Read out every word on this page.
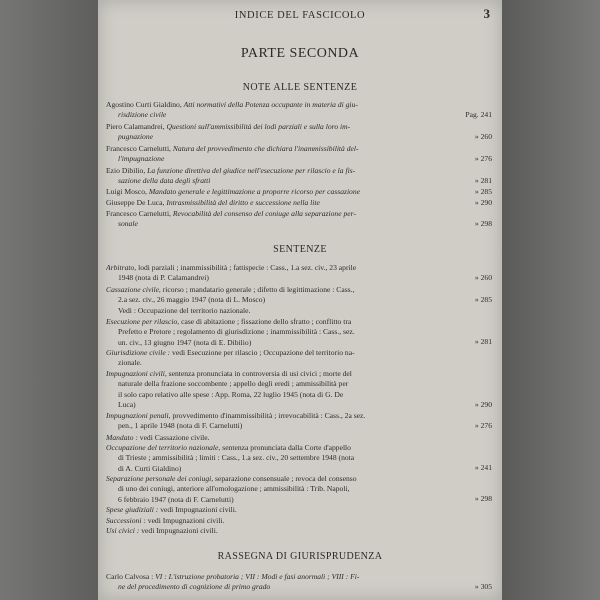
INDICE DEL FASCICOLO	3
PARTE SECONDA
NOTE ALLE SENTENZE
Agostino Curti Gialdino, Atti normativi della Potenza occupante in materia di giu-
risdizione civile	Pag. 241
Piero Calamandrei, Questioni sull'ammissibilità dei lodi parziali e sulla loro im-
pugnazione	» 260
Francesco Carnelutti, Natura del provvedimento che dichiara l'inammissibilità del-
l'impugnazione	» 276
Ezio Dibilio, La funzione direttiva del giudice nell'esecuzione per rilascio e la fis-
sazione della data degli sfratti	» 281
Luigi Mosco, Mandato generale e legittimazione a proporre ricorso per cassazione	» 285
Giuseppe De Luca, Intrasmissibilità del diritto e successione nella lite	» 290
Francesco Carnelutti, Revocabilità del consenso del coniuge alla separazione per-
sonale	» 298
SENTENZE
Arbitrato, lodi parziali ; inammissibilità ; fattispecie : Cass., 1.a sez. civ., 23 aprile
1948 (nota di P. Calamandrei)	» 260
Cassazione civile, ricorso ; mandatario generale ; difetto di legittimazione : Cass.,
2.a sez. civ., 26 maggio 1947 (nota di L. Mosco)
Vedi : Occupazione del territorio nazionale.
» 285
Esecuzione per rilascio, case di abitazione ; fissazione dello sfratto ; conflitto tra
Prefetto e Pretore ; regolamento di giurisdizione ; inammissibilità : Cass., sez.
un. civ., 13 giugno 1947 (nota di E. Dibilio)	» 281
Giurisdizione civile : vedi Esecuzione per rilascio ; Occupazione del territorio na-
zionale.
Impugnazioni civili, sentenza pronunciata in controversia di usi civici ; morte del
naturale della frazione soccombente ; appello degli eredi ; ammissibilità per
il solo capo relativo alle spese : App. Roma, 22 luglio 1945 (nota di G. De
Luca)	» 290
Impugnazioni penali, provvedimento d'inammissibilità ; irrevocabilità : Cass., 2a sez.
pen., 1 aprile 1948 (nota di F. Carnelutti)	» 276
Mandato : vedi Cassazione civile.
Occupazione del territorio nazionale, sentenza pronunciata dalla Corte d'appello
di Trieste ; ammissibilità ; limiti : Cass., 1.a sez. civ., 20 settembre 1948 (nota
di A. Curti Gialdino)	» 241
Separazione personale dei coniugi, separazione consensuale ; revoca del consenso
di uno dei coniugi, anteriore all'omologazione ; ammissibilità : Trib. Napoli,
6 febbraio 1947 (nota di F. Carnelutti)	» 298
Spese giudiziali : vedi Impugnazioni civili.
Successioni : vedi Impugnazioni civili.
Usi civici : vedi Impugnazioni civili.
RASSEGNA DI GIURISPRUDENZA
Carlo Calvosa : VI : L'istruzione probatoria ; VII : Modi e fasi anormali ; VIII : Fi-
ne del procedimento di cognizione di primo grado	» 305
